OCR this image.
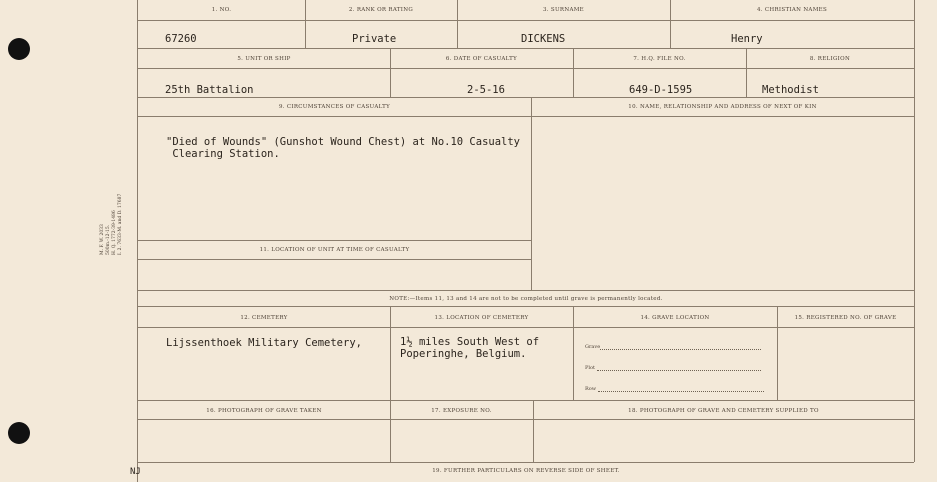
M. F. W. 2033 500m.-12-15. H. Q. 1772-39-1486 I. 2. 7633-M. and D. 17687
1. NO.	2. RANK OR RATING	3. SURNAME	4. CHRISTIAN NAMES
67260	Private	DICKENS	Henry
5. UNIT OR SHIP	6. DATE OF CASUALTY	7. H.Q. FILE NO.	8. RELIGION
25th Battalion	2-5-16	649-D-1595	Methodist
9. CIRCUMSTANCES OF CASUALTY	10. NAME, RELATIONSHIP AND ADDRESS OF NEXT OF KIN
"Died of Wounds" (Gunshot Wound Chest) at No.10 Casualty
Clearing Station.
11. LOCATION OF UNIT AT TIME OF CASUALTY
NOTE:—Items 11, 13 and 14 are not to be completed until grave is permanently located.
12. CEMETERY	13. LOCATION OF CEMETERY	14. GRAVE LOCATION	15. REGISTERED NO. OF GRAVE
Lijssenthoek Military Cemetery,	1½ miles South West of
Poperinghe, Belgium.
Grave
Plot
Row
16. PHOTOGRAPH OF GRAVE TAKEN	17. EXPOSURE NO.	18. PHOTOGRAPH OF GRAVE AND CEMETERY SUPPLIED TO
19. FURTHER PARTICULARS ON REVERSE SIDE OF SHEET.
NJ
